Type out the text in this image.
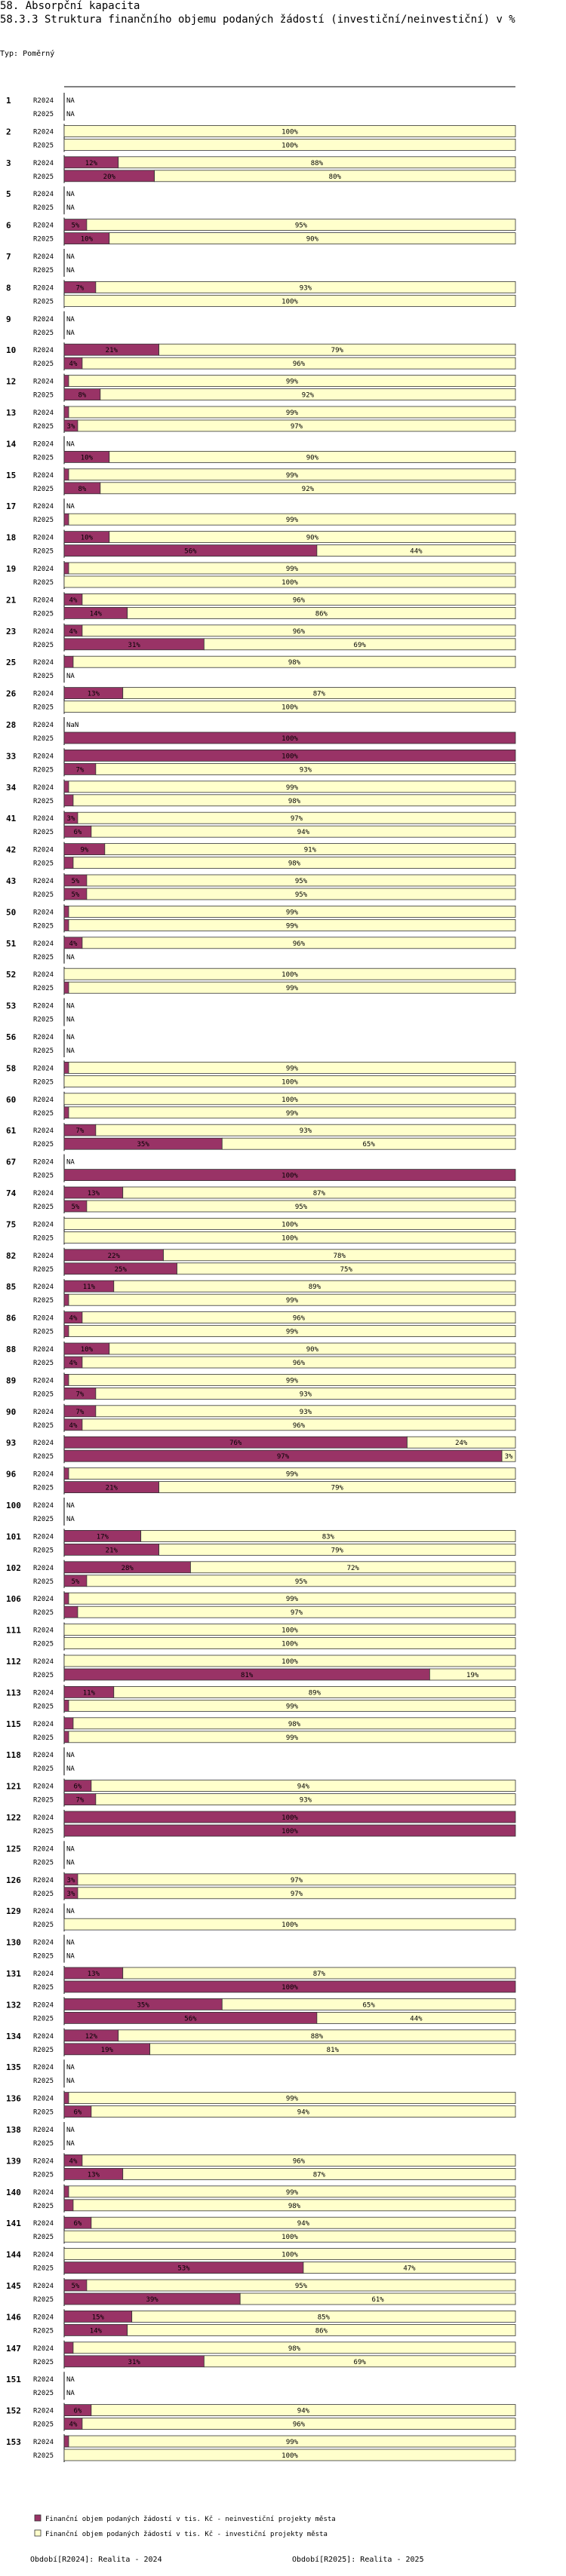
58. Absorpční kapacita
58.3.3 Struktura finančního objemu podaných žádostí (investiční/neinvestiční) v %
Typ: Poměrný
1	R2024 NA
R2025 NA
2	R2024	100%
R2025	100%
3	R2024	12%	88%
R2025	20%	80%
5	R2024 NA
R2025 NA
6	R2024	5%	95%
R2025	10%	90%
7	R2024 NA
R2025 NA
8	R2024	7%	93%
R2025	100%
9	R2024 NA
R2025 NA
10	R2024	21%	79%
R2025 4%	96%
12	R2024	99%
R2025	8%	92%
13	R2024	99%
R2025 3%	97%
14	R2024 NA
R2025	10%	90%
15	R2024	99%
R2025	8%	92%
17	R2024 NA
R2025	99%
18	R2024	10%	90%
R2025	56%	44%
19	R2024	99%
R2025	100%
21	R2024 4%	96%
R2025	14%	86%
23	R2024 4%	96%
R2025	31%	69%
25	R2024	98%
R2025 NA
26	R2024	13%	87%
R2025	100%
28	R2024 NaN
R2025	100%
33	R2024	100%
R2025	7%	93%
34	R2024	99%
R2025	98%
41	R2024 3%	97%
R2025	6%	94%
42	R2024	9%	91%
R2025	98%
43	R2024	5%	95%
R2025	5%	95%
50	R2024	99%
R2025	99%
51	R2024 4%	96%
R2025 NA
52	R2024	100%
R2025	99%
53	R2024 NA
R2025 NA
56	R2024 NA
R2025 NA
58	R2024	99%
R2025	100%
60	R2024	100%
R2025	99%
61	R2024	7%	93%
R2025	35%	65%
67	R2024 NA
R2025	100%
74	R2024	13%	87%
R2025	5%	95%
75	R2024	100%
R2025	100%
82	R2024	22%	78%
R2025	25%	75%
85	R2024	11%	89%
R2025	99%
86	R2024 4%	96%
R2025	99%
88	R2024	10%	90%
R2025 4%	96%
89	R2024	99%
R2025	7%	93%
90	R2024	7%	93%
R2025 4%	96%
93	R2024	76%	24%
R2025	97%	3%
96	R2024	99%
R2025	21%	79%
100 R2024 NA
R2025 NA
101 R2024	17%	83%
R2025	21%	79%
102 R2024	28%	72%
R2025	5%	95%
106 R2024	99%
R2025	97%
111 R2024	100%
R2025	100%
112 R2024	100%
R2025	81%	19%
113 R2024	11%	89%
R2025	99%
115 R2024	98%
R2025	99%
118 R2024 NA
R2025 NA
121 R2024	6%	94%
R2025	7%	93%
122 R2024	100%
R2025	100%
125 R2024 NA
R2025 NA
126 R2024 3%	97%
R2025 3%	97%
129 R2024 NA
R2025	100%
130 R2024 NA
R2025 NA
131 R2024	13%	87%
R2025	100%
132 R2024	35%	65%
R2025	56%	44%
134 R2024	12%	88%
R2025	19%	81%
135 R2024 NA
R2025 NA
136 R2024	99%
R2025	6%	94%
138 R2024 NA
R2025 NA
139 R2024 4%	96%
R2025	13%	87%
140 R2024	99%
R2025	98%
141 R2024	6%	94%
R2025	100%
144 R2024	100%
R2025	53%	47%
145 R2024	5%	95%
R2025	39%	61%
146 R2024	15%	85%
R2025	14%	86%
147 R2024	98%
R2025	31%	69%
151 R2024 NA
R2025 NA
152 R2024	6%	94%
R2025 4%	96%
153 R2024	99%
R2025	100%
Finanční objem podaných žádostí v tis. Kč - neinvestiční projekty města
Finanční objem podaných žádostí v tis. Kč - investiční projekty města
Období[R2024]: Realita - 2024	Období[R2025]: Realita - 2025
